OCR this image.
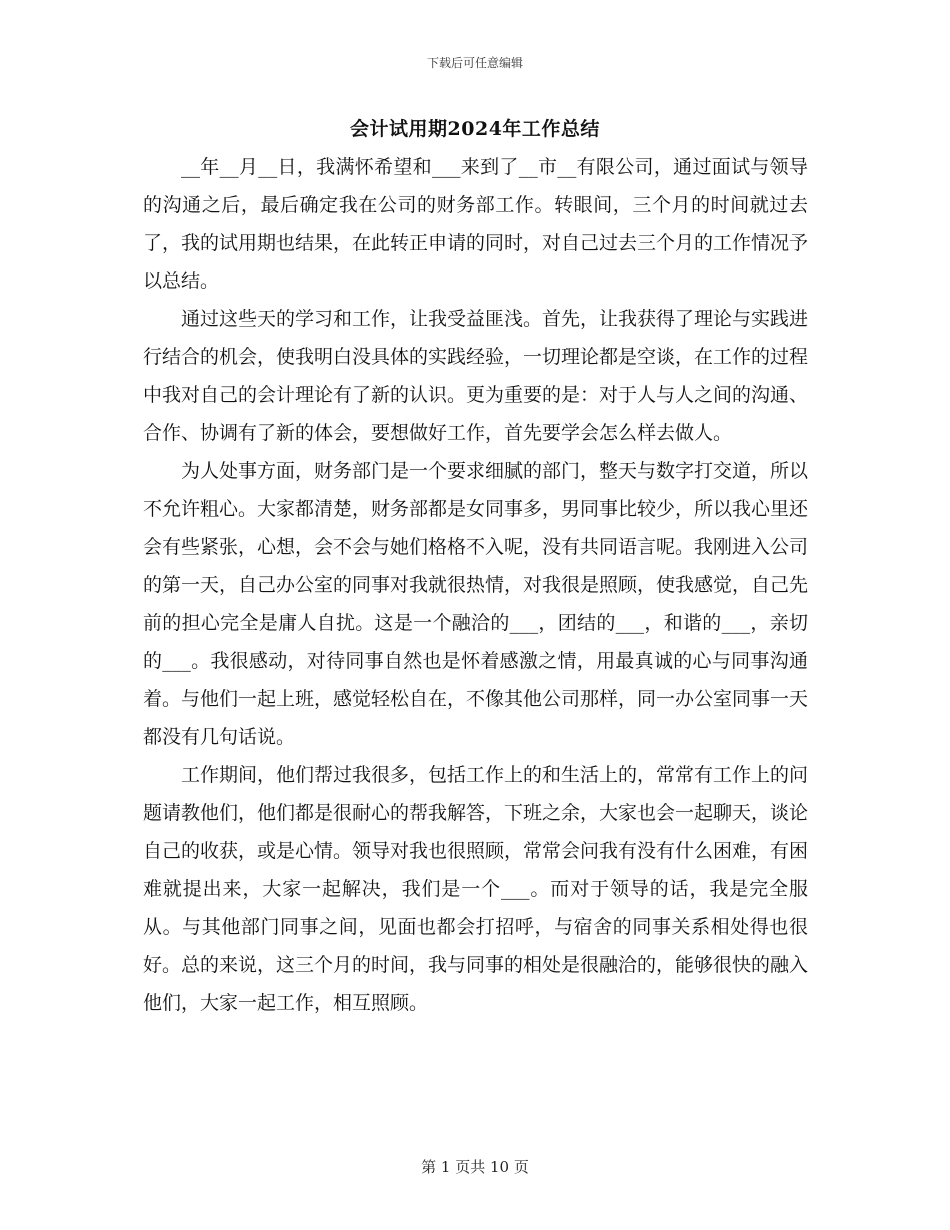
下载后可任意编辑
会计试用期2024年工作总结

__年__月__日，我满怀希望和___来到了__市__有限公司，通过面试与领导的沟通之后，最后确定我在公司的财务部工作。转眼间，三个月的时间就过去了，我的试用期也结果，在此转正申请的同时，对自己过去三个月的工作情况予以总结。

通过这些天的学习和工作，让我受益匪浅。首先，让我获得了理论与实践进行结合的机会，使我明白没具体的实践经验，一切理论都是空谈，在工作的过程中我对自己的会计理论有了新的认识。更为重要的是：对于人与人之间的沟通、合作、协调有了新的体会，要想做好工作，首先要学会怎么样去做人。

为人处事方面，财务部门是一个要求细腻的部门，整天与数字打交道，所以不允许粗心。大家都清楚，财务部都是女同事多，男同事比较少，所以我心里还会有些紧张，心想，会不会与她们格格不入呢，没有共同语言呢。我刚进入公司的第一天，自己办公室的同事对我就很热情，对我很是照顾，使我感觉，自己先前的担心完全是庸人自扰。这是一个融洽的___，团结的___，和谐的___，亲切的___。我很感动，对待同事自然也是怀着感激之情，用最真诚的心与同事沟通着。与他们一起上班，感觉轻松自在，不像其他公司那样，同一办公室同事一天都没有几句话说。

工作期间，他们帮过我很多，包括工作上的和生活上的，常常有工作上的问题请教他们，他们都是很耐心的帮我解答，下班之余，大家也会一起聊天，谈论自己的收获，或是心情。领导对我也很照顾，常常会问我有没有什么困难，有困难就提出来，大家一起解决，我们是一个___。而对于领导的话，我是完全服从。与其他部门同事之间，见面也都会打招呼，与宿舍的同事关系相处得也很好。总的来说，这三个月的时间，我与同事的相处是很融洽的，能够很快的融入他们，大家一起工作，相互照顾。

第 1 页共 10 页
